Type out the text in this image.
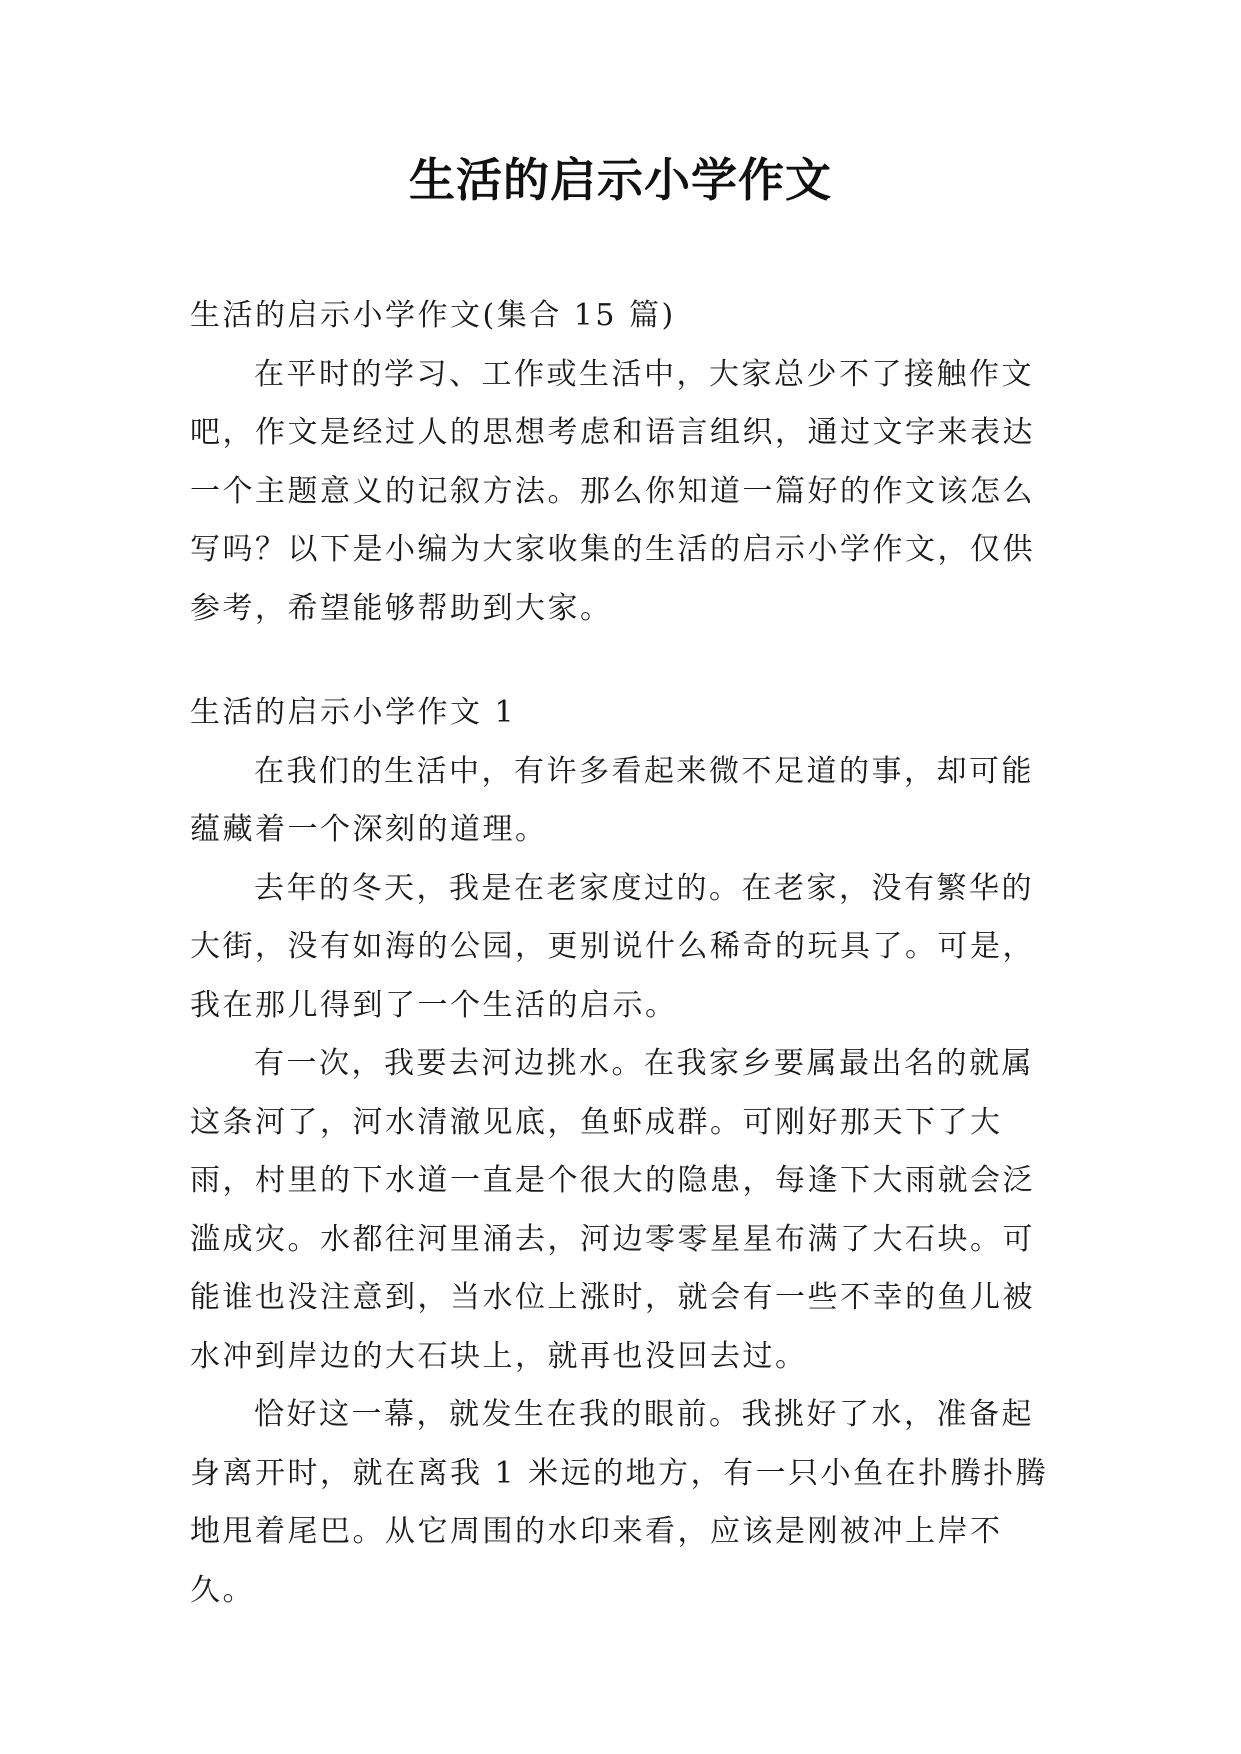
生活的启示小学作文

生活的启示小学作文(集合 15 篇)

在平时的学习、工作或生活中，大家总少不了接触作文吧，作文是经过人的思想考虑和语言组织，通过文字来表达一个主题意义的记叙方法。那么你知道一篇好的作文该怎么写吗？以下是小编为大家收集的生活的启示小学作文，仅供参考，希望能够帮助到大家。

生活的启示小学作文 1

在我们的生活中，有许多看起来微不足道的事，却可能蕴藏着一个深刻的道理。

去年的冬天，我是在老家度过的。在老家，没有繁华的大街，没有如海的公园，更别说什么稀奇的玩具了。可是，我在那儿得到了一个生活的启示。

有一次，我要去河边挑水。在我家乡要属最出名的就属这条河了，河水清澈见底，鱼虾成群。可刚好那天下了大雨，村里的下水道一直是个很大的隐患，每逢下大雨就会泛滥成灾。水都往河里涌去，河边零零星星布满了大石块。可能谁也没注意到，当水位上涨时，就会有一些不幸的鱼儿被水冲到岸边的大石块上，就再也没回去过。

恰好这一幕，就发生在我的眼前。我挑好了水，准备起身离开时，就在离我 1 米远的地方，有一只小鱼在扑腾扑腾地甩着尾巴。从它周围的水印来看，应该是刚被冲上岸不久。
